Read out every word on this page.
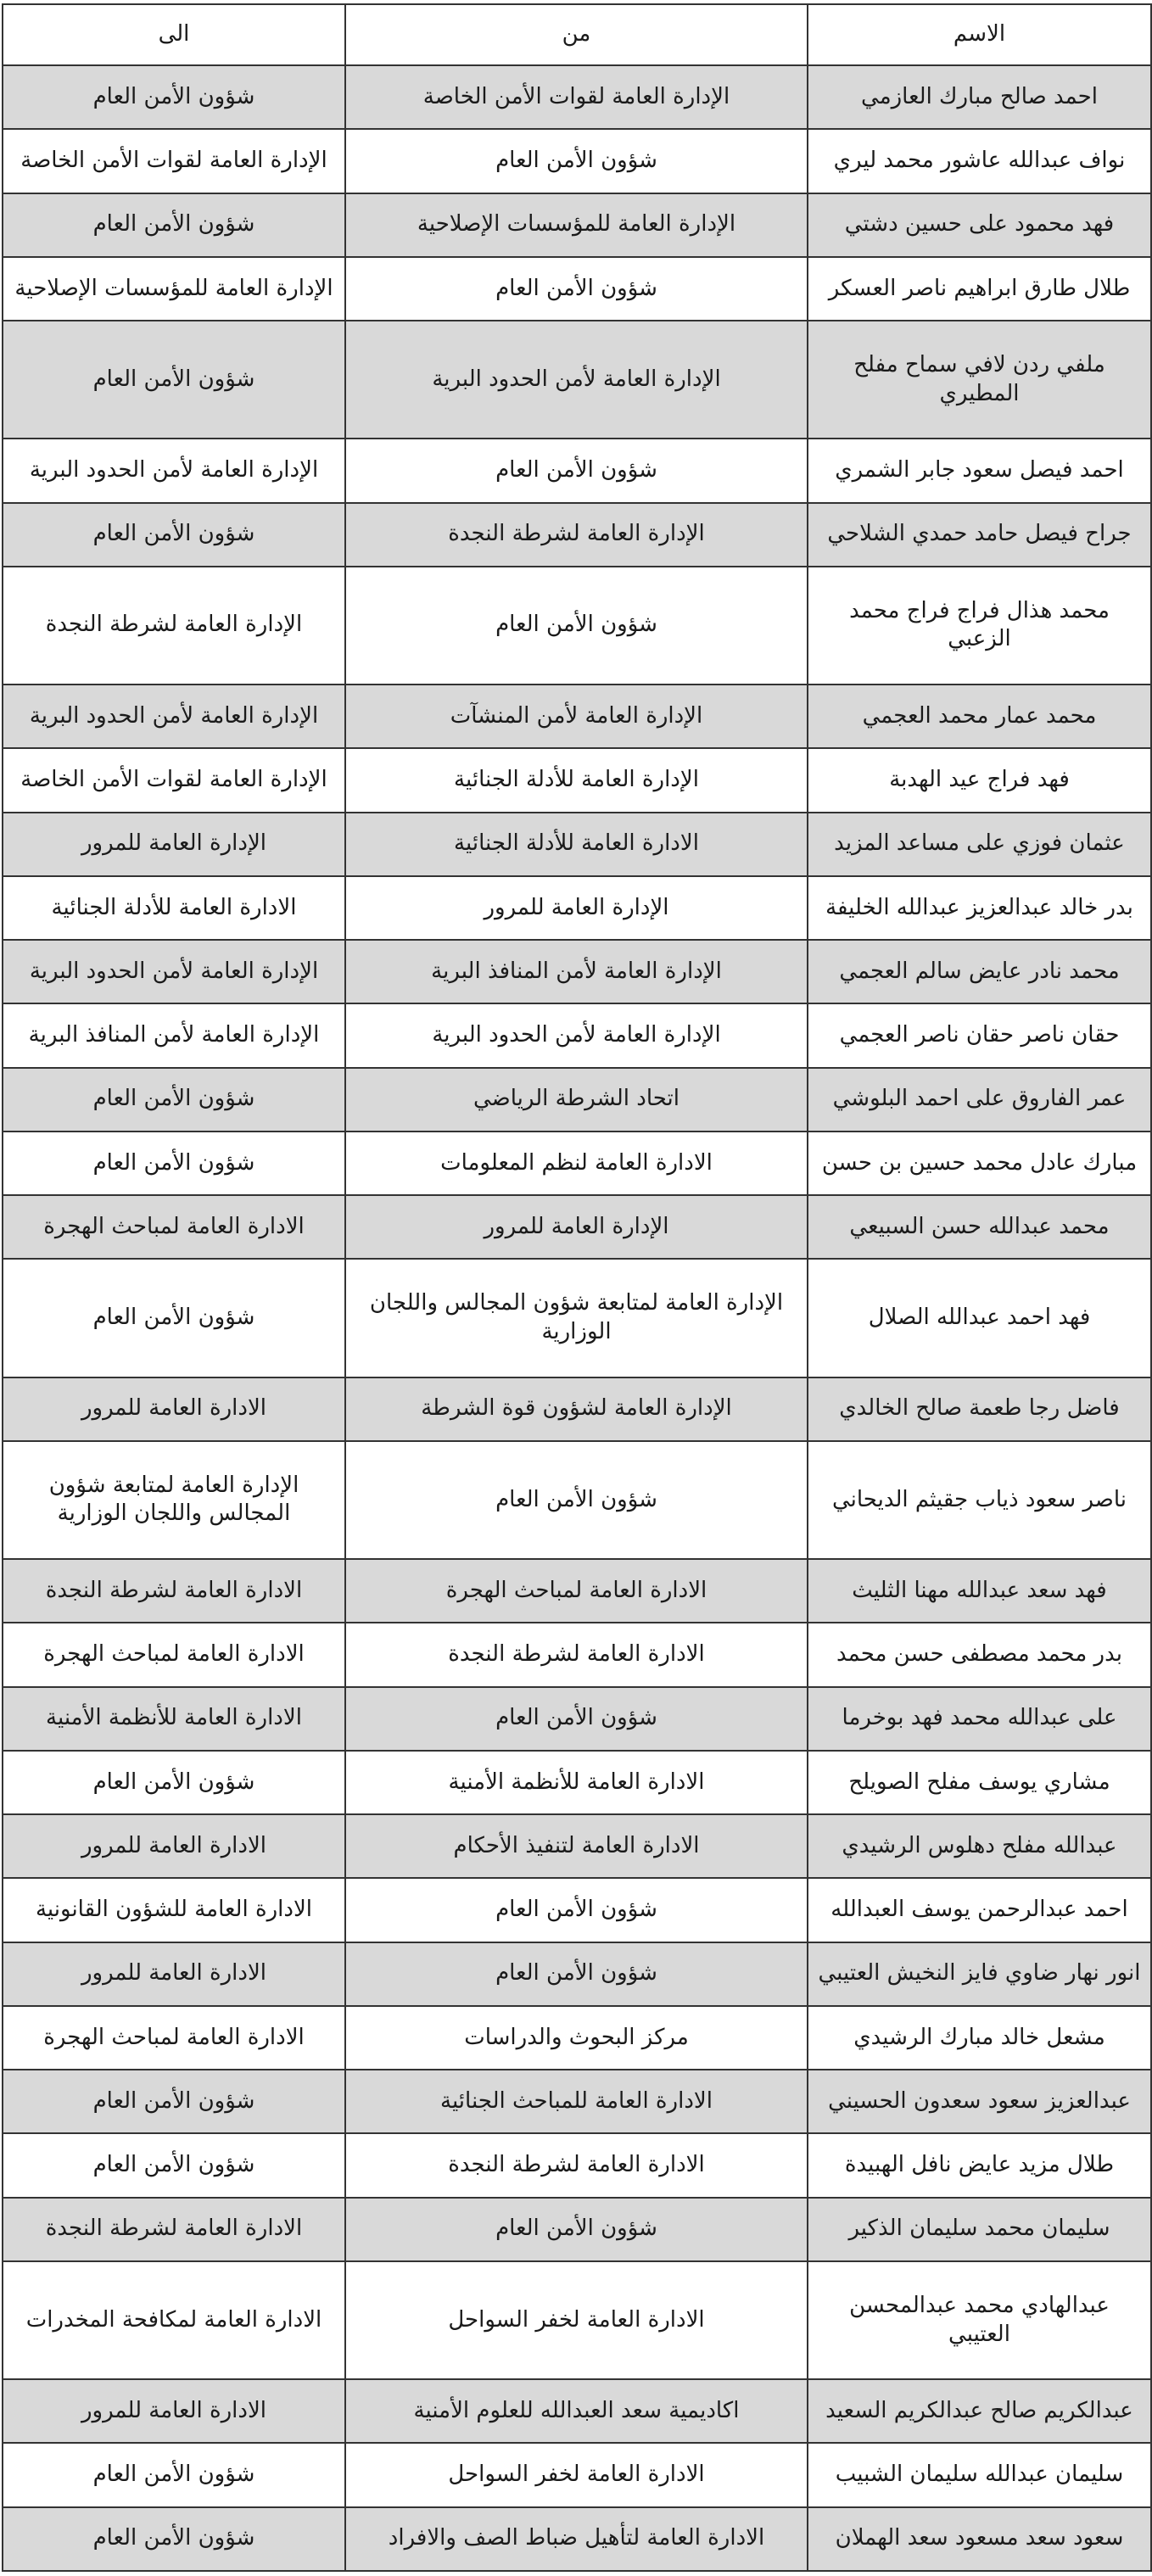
الاسم	من	الى
احمد صالح مبارك العازمي	الإدارة العامة لقوات الأمن الخاصة	شؤون الأمن العام
نواف عبدالله عاشور محمد ليري	شؤون الأمن العام	الإدارة العامة لقوات الأمن الخاصة
فهد محمود على حسين دشتي	الإدارة العامة للمؤسسات الإصلاحية	شؤون الأمن العام
طلال طارق ابراهيم ناصر العسكر	شؤون الأمن العام	الإدارة العامة للمؤسسات الإصلاحية
ملفي ردن لافي سماح مفلح المطيري	الإدارة العامة لأمن الحدود البرية	شؤون الأمن العام
احمد فيصل سعود جابر الشمري	شؤون الأمن العام	الإدارة العامة لأمن الحدود البرية
جراح فيصل حامد حمدي الشلاحي	الإدارة العامة لشرطة النجدة	شؤون الأمن العام
محمد هذال فراج فراج محمد الزعبي	شؤون الأمن العام	الإدارة العامة لشرطة النجدة
محمد عمار محمد العجمي	الإدارة العامة لأمن المنشآت	الإدارة العامة لأمن الحدود البرية
فهد فراج عيد الهدبة	الإدارة العامة للأدلة الجنائية	الإدارة العامة لقوات الأمن الخاصة
عثمان فوزي على مساعد المزيد	الادارة العامة للأدلة الجنائية	الإدارة العامة للمرور
بدر خالد عبدالعزيز عبدالله الخليفة	الإدارة العامة للمرور	الادارة العامة للأدلة الجنائية
محمد نادر عايض سالم العجمي	الإدارة العامة لأمن المنافذ البرية	الإدارة العامة لأمن الحدود البرية
حقان ناصر حقان ناصر العجمي	الإدارة العامة لأمن الحدود البرية	الإدارة العامة لأمن المنافذ البرية
عمر الفاروق على احمد البلوشي	اتحاد الشرطة الرياضي	شؤون الأمن العام
مبارك عادل محمد حسين بن حسن	الادارة العامة لنظم المعلومات	شؤون الأمن العام
محمد عبدالله حسن السبيعي	الإدارة العامة للمرور	الادارة العامة لمباحث الهجرة
فهد احمد عبدالله الصلال	الإدارة العامة لمتابعة شؤون المجالس واللجان الوزارية	شؤون الأمن العام
فاضل رجا طعمة صالح الخالدي	الإدارة العامة لشؤون قوة الشرطة	الادارة العامة للمرور
ناصر سعود ذياب جقيثم الديحاني	شؤون الأمن العام	الإدارة العامة لمتابعة شؤون المجالس واللجان الوزارية
فهد سعد عبدالله مهنا الثليث	الادارة العامة لمباحث الهجرة	الادارة العامة لشرطة النجدة
بدر محمد مصطفى حسن محمد	الادارة العامة لشرطة النجدة	الادارة العامة لمباحث الهجرة
على عبدالله محمد فهد بوخرما	شؤون الأمن العام	الادارة العامة للأنظمة الأمنية
مشاري يوسف مفلح الصويلح	الادارة العامة للأنظمة الأمنية	شؤون الأمن العام
عبدالله مفلح دهلوس الرشيدي	الادارة العامة لتنفيذ الأحكام	الادارة العامة للمرور
احمد عبدالرحمن يوسف العبدالله	شؤون الأمن العام	الادارة العامة للشؤون القانونية
انور نهار ضاوي فايز النخيش العتيبي	شؤون الأمن العام	الادارة العامة للمرور
مشعل خالد مبارك الرشيدي	مركز البحوث والدراسات	الادارة العامة لمباحث الهجرة
عبدالعزيز سعود سعدون الحسيني	الادارة العامة للمباحث الجنائية	شؤون الأمن العام
طلال مزيد عايض نافل الهبيدة	الادارة العامة لشرطة النجدة	شؤون الأمن العام
سليمان محمد سليمان الذكير	شؤون الأمن العام	الادارة العامة لشرطة النجدة
عبدالهادي محمد عبدالمحسن العتيبي	الادارة العامة لخفر السواحل	الادارة العامة لمكافحة المخدرات
عبدالكريم صالح عبدالكريم السعيد	اكاديمية سعد العبدالله للعلوم الأمنية	الادارة العامة للمرور
سليمان عبدالله سليمان الشبيب	الادارة العامة لخفر السواحل	شؤون الأمن العام
سعود سعد مسعود سعد الهملان	الادارة العامة لتأهيل ضباط الصف والافراد	شؤون الأمن العام
